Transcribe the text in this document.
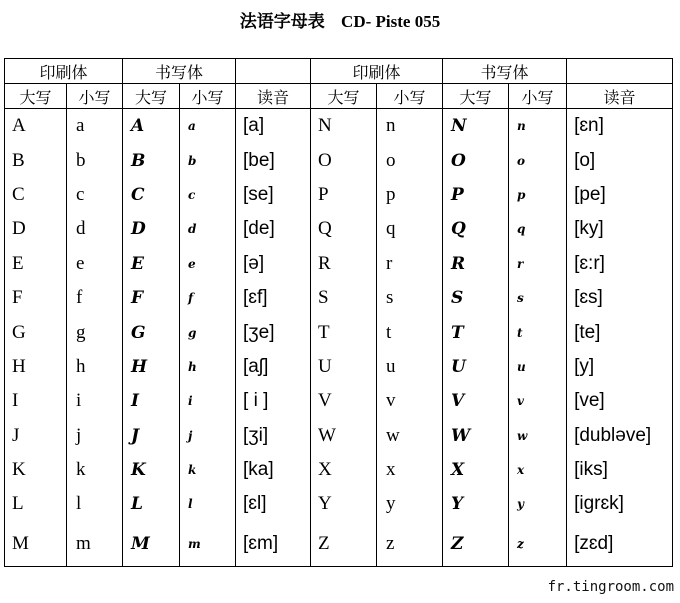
法语字母表 CD- Piste 055
印刷体		书写体			印刷体		书写体		
大写	小写	大写	小写	读音	大写	小写	大写	小写	读音
A	a	A	a	[a]	N	n	N	n	[ɛn]
B	b	B	b	[be]	O	o	O	o	[o]
C	c	C	c	[se]	P	p	P	p	[pe]
D	d	D	d	[de]	Q	q	Q	q	[ky]
E	e	E	e	[ə]	R	r	R	r	[ɛ:r]
F	f	F	f	[ɛf]	S	s	S	s	[ɛs]
G	g	G	g	[ʒe]	T	t	T	t	[te]
H	h	H	h	[aʃ]	U	u	U	u	[y]
I	i	I	i	[ i ]	V	v	V	v	[ve]
J	j	J	j	[ʒi]	W	w	W	w	[dubləve]
K	k	K	k	[ka]	X	x	X	x	[iks]
L	l	L	l	[ɛl]	Y	y	Y	y	[igrɛk]
M	m	M	m	[ɛm]	Z	z	Z	z	[zɛd]
fr.tingroom.com
